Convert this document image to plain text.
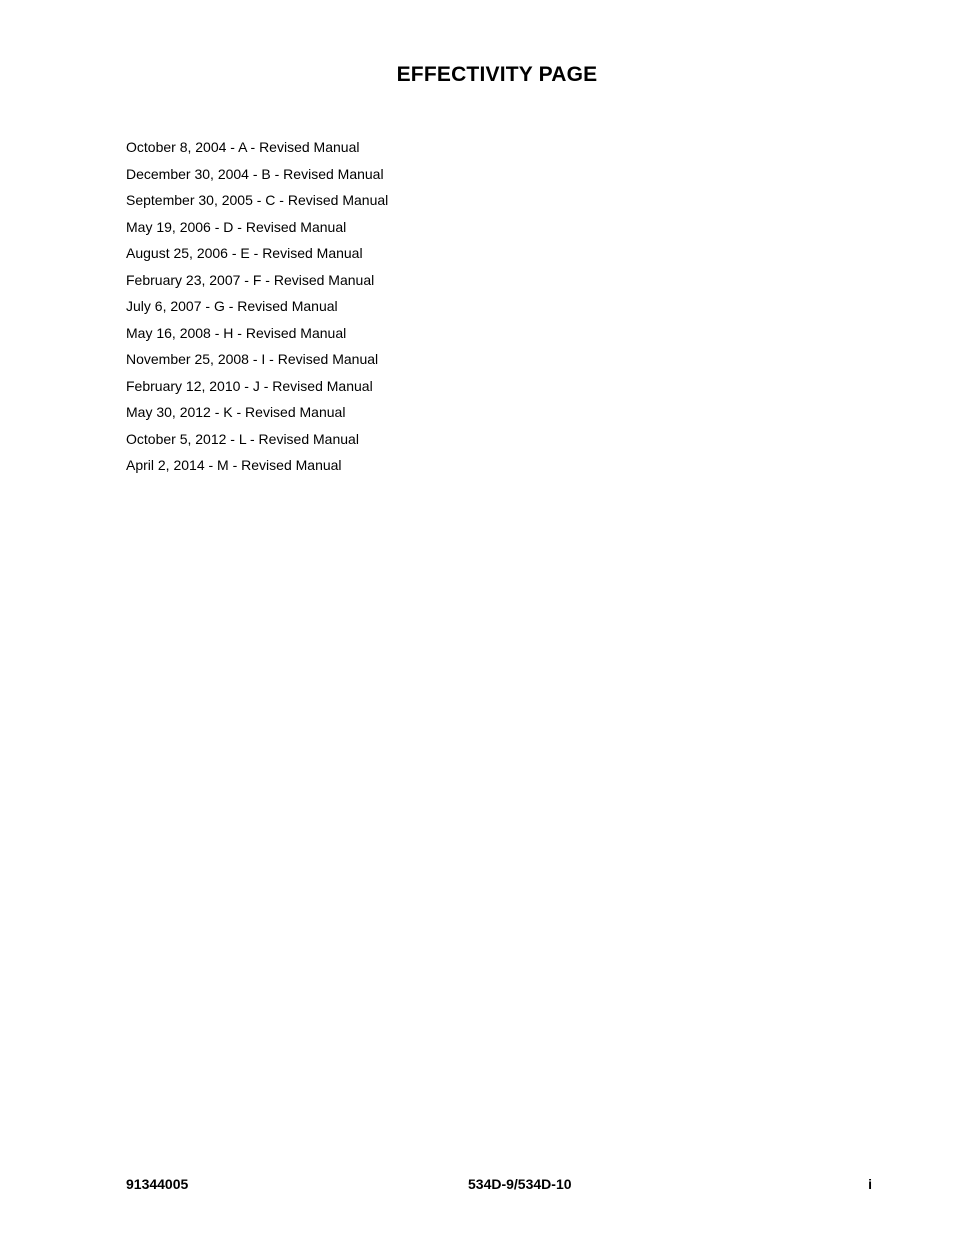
EFFECTIVITY PAGE
October 8, 2004 - A - Revised Manual
December 30, 2004 - B - Revised Manual
September 30, 2005 - C - Revised Manual
May 19, 2006 - D - Revised Manual
August 25, 2006 - E - Revised Manual
February 23, 2007 - F - Revised Manual
July 6, 2007 - G - Revised Manual
May 16, 2008 - H - Revised Manual
November 25, 2008 - I - Revised Manual
February 12, 2010 - J - Revised Manual
May 30, 2012 - K - Revised Manual
October 5, 2012 - L - Revised Manual
April 2, 2014 - M - Revised Manual
91344005	534D-9/534D-10	i
